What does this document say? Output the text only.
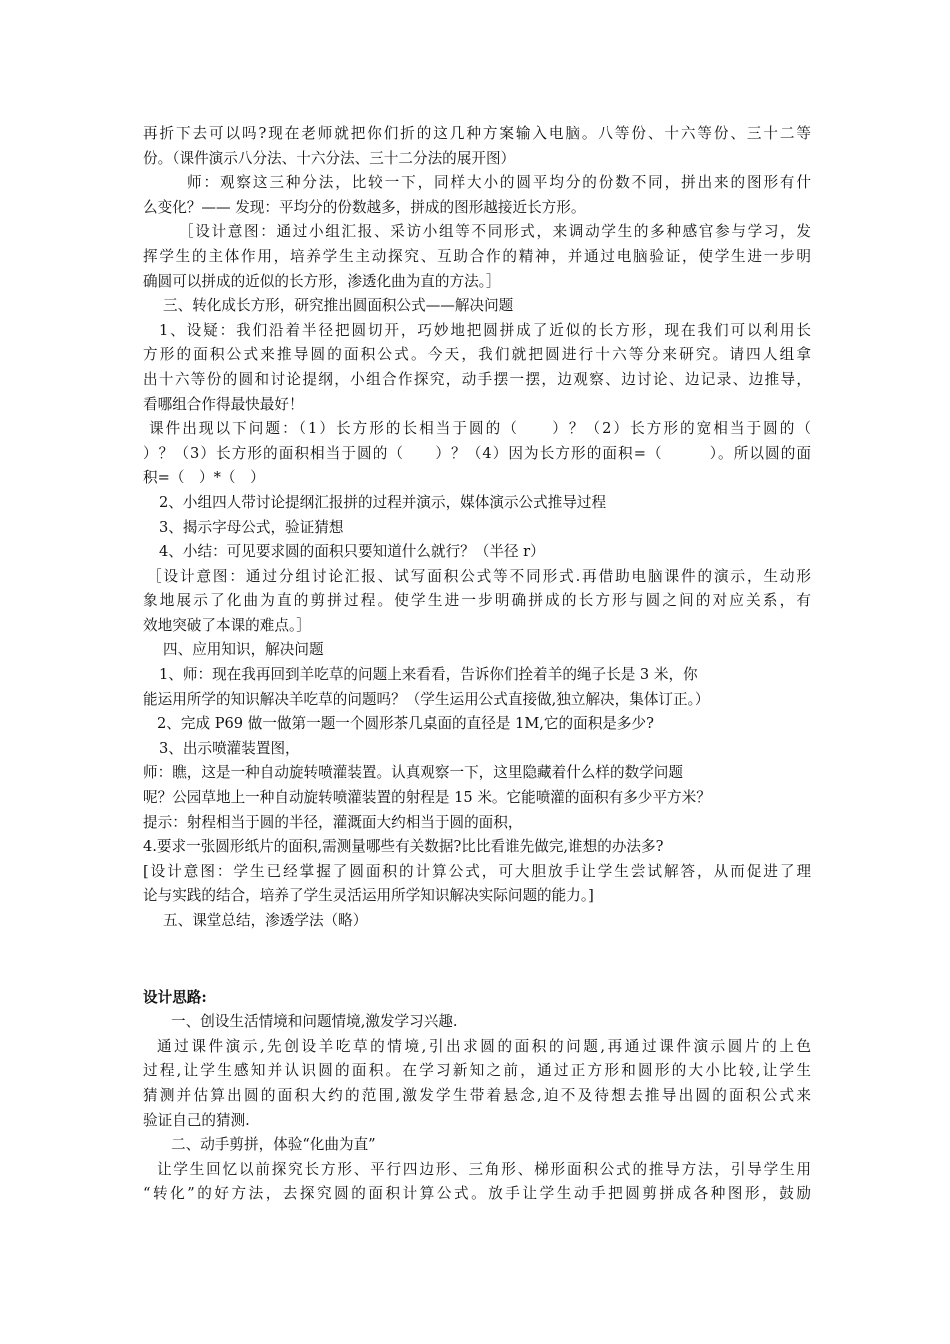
再折下去可以吗?现在老师就把你们折的这几种方案输入电脑。八等份、十六等份、三十二等
份。（课件演示八分法、十六分法、三十二分法的展开图）
师：观察这三种分法，比较一下，同样大小的圆平均分的份数不同，拼出来的图形有什
么变化？—— 发现：平均分的份数越多，拼成的图形越接近长方形。
［设计意图：通过小组汇报、采访小组等不同形式，来调动学生的多种感官参与学习，发
挥学生的主体作用，培养学生主动探究、互助合作的精神，并通过电脑验证，使学生进一步明
确圆可以拼成的近似的长方形，渗透化曲为直的方法。］
三、转化成长方形，研究推出圆面积公式——解决问题
1、设疑：我们沿着半径把圆切开，巧妙地把圆拼成了近似的长方形，现在我们可以利用长
方形的面积公式来推导圆的面积公式。今天，我们就把圆进行十六等分来研究。请四人组拿
出十六等份的圆和讨论提纲，小组合作探究，动手摆一摆，边观察、边讨论、边记录、边推导，
看哪组合作得最快最好！
课件出现以下问题：（1）长方形的长相当于圆的（　　）？（2）长方形的宽相当于圆的（
）？（3）长方形的面积相当于圆的（　　）？（4）因为长方形的面积=（　　　）。所以圆的面
积=（　）*（　）
2、小组四人带讨论提纲汇报拼的过程并演示，媒体演示公式推导过程
3、揭示字母公式，验证猜想
4、小结：可见要求圆的面积只要知道什么就行？（半径 r）
［设计意图：通过分组讨论汇报、试写面积公式等不同形式.再借助电脑课件的演示，生动形
象地展示了化曲为直的剪拼过程。使学生进一步明确拼成的长方形与圆之间的对应关系，有
效地突破了本课的难点。］
四、应用知识，解决问题
1、师：现在我再回到羊吃草的问题上来看看，告诉你们拴着羊的绳子长是 3 米，你
能运用所学的知识解决羊吃草的问题吗？（学生运用公式直接做,独立解决，集体订正。）
2、完成 P69 做一做第一题一个圆形茶几桌面的直径是 1M,它的面积是多少?
3、出示喷灌装置图，
师：瞧，这是一种自动旋转喷灌装置。认真观察一下，这里隐藏着什么样的数学问题
呢？公园草地上一种自动旋转喷灌装置的射程是 15 米。它能喷灌的面积有多少平方米？
提示：射程相当于圆的半径，灌溉面大约相当于圆的面积，
4.要求一张圆形纸片的面积,需测量哪些有关数据?比比看谁先做完,谁想的办法多?
[设计意图：学生已经掌握了圆面积的计算公式，可大胆放手让学生尝试解答，从而促进了理
论与实践的结合，培养了学生灵活运用所学知识解决实际问题的能力。]
五、课堂总结，渗透学法（略）
设计思路:
一、创设生活情境和问题情境,激发学习兴趣.
通过课件演示,先创设羊吃草的情境,引出求圆的面积的问题,再通过课件演示圆片的上色
过程,让学生感知并认识圆的面积。在学习新知之前，通过正方形和圆形的大小比较,让学生
猜测并估算出圆的面积大约的范围,激发学生带着悬念,迫不及待想去推导出圆的面积公式来
验证自己的猜测.
二、动手剪拼，体验“化曲为直”
让学生回忆以前探究长方形、平行四边形、三角形、梯形面积公式的推导方法，引导学生用
“转化”的好方法，去探究圆的面积计算公式。放手让学生动手把圆剪拼成各种图形，鼓励
